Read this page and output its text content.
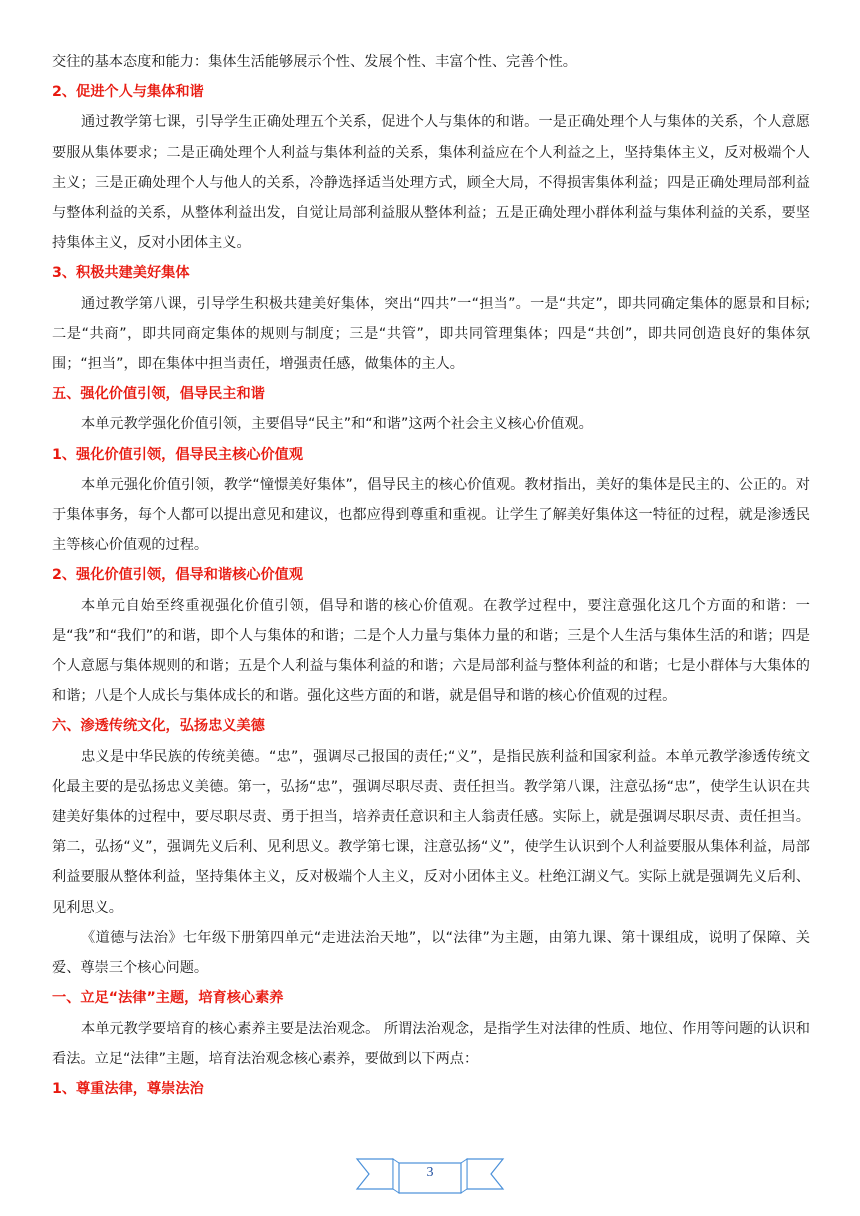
交往的基本态度和能力：集体生活能够展示个性、发展个性、丰富个性、完善个性。

2、促进个人与集体和谐

通过教学第七课，引导学生正确处理五个关系，促进个人与集体的和谐。一是正确处理个人与集体的关系，个人意愿要服从集体要求；二是正确处理个人利益与集体利益的关系，集体利益应在个人利益之上，坚持集体主义，反对极端个人主义；三是正确处理个人与他人的关系，冷静选择适当处理方式，顾全大局，不得损害集体利益；四是正确处理局部利益与整体利益的关系，从整体利益出发，自觉让局部利益服从整体利益；五是正确处理小群体利益与集体利益的关系，要坚持集体主义，反对小团体主义。

3、积极共建美好集体

通过教学第八课，引导学生积极共建美好集体，突出“四共”一“担当”。一是“共定”，即共同确定集体的愿景和目标;二是“共商”，即共同商定集体的规则与制度；三是“共管”，即共同管理集体；四是“共创”，即共同创造良好的集体氛围；“担当”，即在集体中担当责任，增强责任感，做集体的主人。

五、强化价值引领，倡导民主和谐

本单元教学强化价值引领，主要倡导“民主”和“和谐”这两个社会主义核心价值观。

1、强化价值引领，倡导民主核心价值观

本单元强化价值引领，教学“憧憬美好集体”，倡导民主的核心价值观。教材指出，美好的集体是民主的、公正的。对于集体事务，每个人都可以提出意见和建议，也都应得到尊重和重视。让学生了解美好集体这一特征的过程，就是渗透民主等核心价值观的过程。

2、强化价值引领，倡导和谐核心价值观

本单元自始至终重视强化价值引领，倡导和谐的核心价值观。在教学过程中，要注意强化这几个方面的和谐：一是“我”和“我们”的和谐，即个人与集体的和谐；二是个人力量与集体力量的和谐；三是个人生活与集体生活的和谐；四是个人意愿与集体规则的和谐；五是个人利益与集体利益的和谐；六是局部利益与整体利益的和谐；七是小群体与大集体的和谐；八是个人成长与集体成长的和谐。强化这些方面的和谐，就是倡导和谐的核心价值观的过程。

六、渗透传统文化，弘扬忠义美德

忠义是中华民族的传统美德。“忠”，强调尽己报国的责任;“义”，是指民族利益和国家利益。本单元教学渗透传统文化最主要的是弘扬忠义美德。第一，弘扬“忠”，强调尽职尽责、责任担当。教学第八课，注意弘扬“忠”，使学生认识在共建美好集体的过程中，要尽职尽责、勇于担当，培养责任意识和主人翁责任感。实际上，就是强调尽职尽责、责任担当。第二，弘扬“义”，强调先义后利、见利思义。教学第七课，注意弘扬“义”，使学生认识到个人利益要服从集体利益，局部利益要服从整体利益，坚持集体主义，反对极端个人主义，反对小团体主义。杜绝江湖义气。实际上就是强调先义后利、见利思义。

《道德与法治》七年级下册第四单元“走进法治天地”，以“法律”为主题，由第九课、第十课组成，说明了保障、关爱、尊崇三个核心问题。

一、立足“法律”主题，培育核心素养

本单元教学要培育的核心素养主要是法治观念。 所谓法治观念，是指学生对法律的性质、地位、作用等问题的认识和看法。立足“法律”主题，培育法治观念核心素养，要做到以下两点：

1、尊重法律，尊崇法治
3
